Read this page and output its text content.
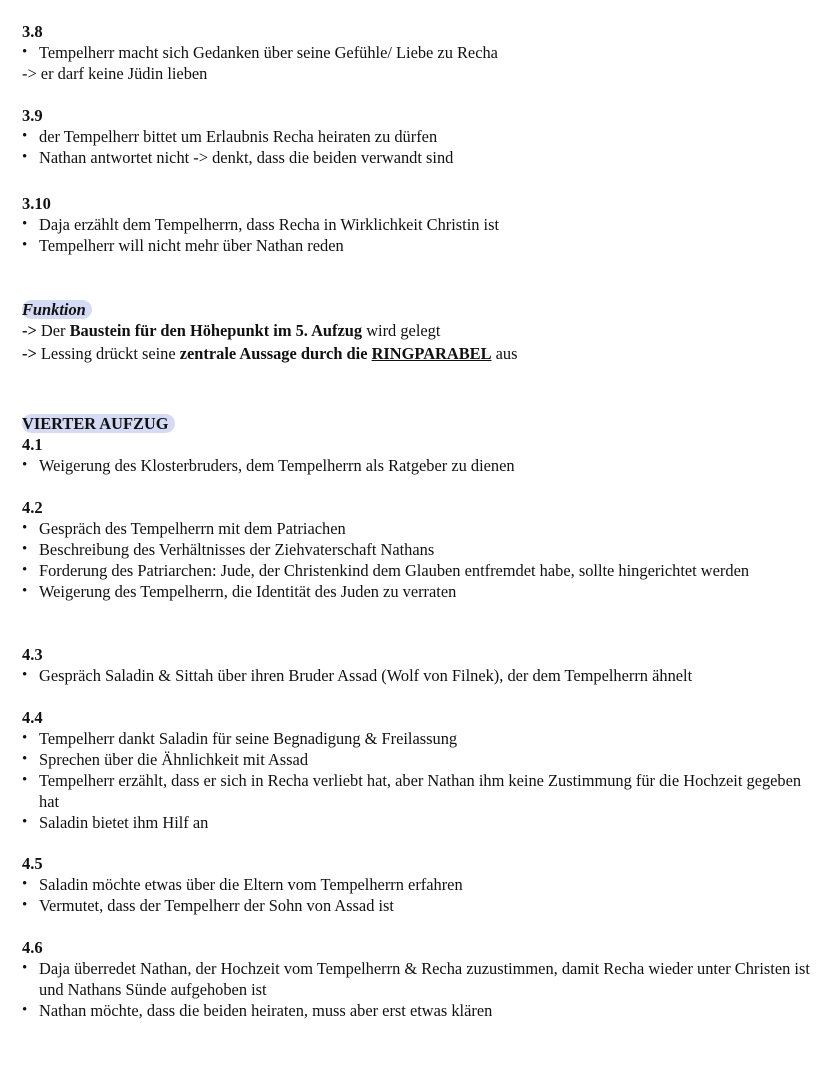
3.8
• Tempelherr macht sich Gedanken über seine Gefühle/ Liebe zu Recha
-> er darf keine Jüdin lieben
3.9
• der Tempelherr bittet um Erlaubnis Recha heiraten zu dürfen
• Nathan antwortet nicht -> denkt, dass die beiden verwandt sind
3.10
• Daja erzählt dem Tempelherrn, dass Recha in Wirklichkeit Christin ist
• Tempelherr will nicht mehr über Nathan reden
Funktion
-> Der Baustein für den Höhepunkt im 5. Aufzug wird gelegt
-> Lessing drückt seine zentrale Aussage durch die RINGPARABEL aus
VIERTER AUFZUG
4.1
• Weigerung des Klosterbruders, dem Tempelherrn als Ratgeber zu dienen
4.2
• Gespräch des Tempelherrn mit dem Patriachen
• Beschreibung des Verhältnisses der Ziehvaterschaft Nathans
• Forderung des Patriarchen: Jude, der Christenkind dem Glauben entfremdet habe, sollte hingerichtet werden
• Weigerung des Tempelherrn, die Identität des Juden zu verraten
4.3
• Gespräch Saladin & Sittah über ihren Bruder Assad (Wolf von Filnek), der dem Tempelherrn ähnelt
4.4
• Tempelherr dankt Saladin für seine Begnadigung & Freilassung
• Sprechen über die Ähnlichkeit mit Assad
• Tempelherr erzählt, dass er sich in Recha verliebt hat, aber Nathan ihm keine Zustimmung für die Hochzeit gegeben hat
• Saladin bietet ihm Hilf an
4.5
• Saladin möchte etwas über die Eltern vom Tempelherrn erfahren
• Vermutet, dass der Tempelherr der Sohn von Assad ist
4.6
• Daja überredet Nathan, der Hochzeit vom Tempelherrn & Recha zuzustimmen, damit Recha wieder unter Christen ist und Nathans Sünde aufgehoben ist
• Nathan möchte, dass die beiden heiraten, muss aber erst etwas klären
